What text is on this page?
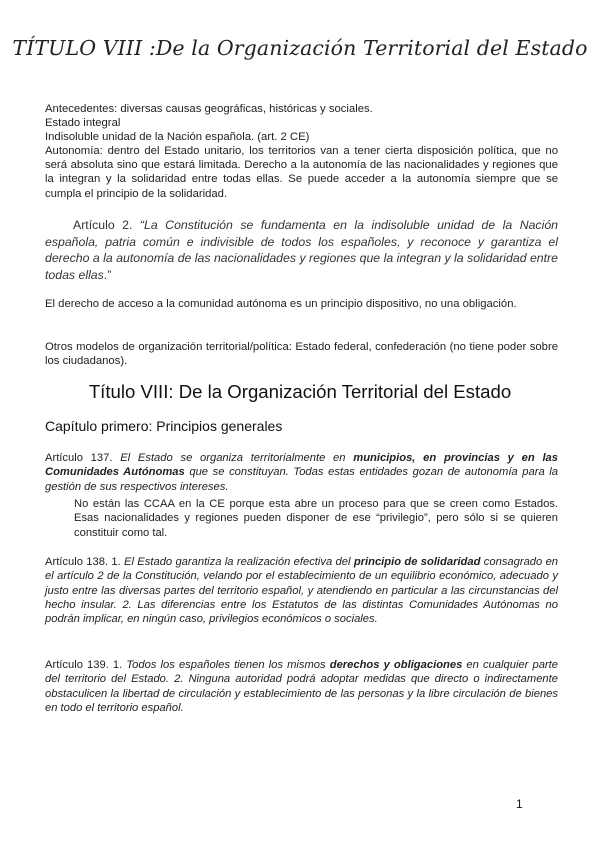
TÍTULO VIII :De la Organización Territorial del Estado
Antecedentes: diversas causas geográficas, históricas y sociales.
Estado integral
Indisoluble unidad de la Nación española. (art. 2 CE)
Autonomía: dentro del Estado unitario, los territorios van a tener cierta disposición política, que no será absoluta sino que estará limitada. Derecho a la autonomía de las nacionalidades y regiones que la integran y la solidaridad entre todas ellas. Se puede acceder a la autonomía siempre que se cumpla el principio de la solidaridad.
Artículo 2. “La Constitución se fundamenta en la indisoluble unidad de la Nación española, patria común e indivisible de todos los españoles, y reconoce y garantiza el derecho a la autonomía de las nacionalidades y regiones que la integran y la solidaridad entre todas ellas.”
El derecho de acceso a la comunidad autónoma es un principio dispositivo, no una obligación.
Otros modelos de organización territorial/política: Estado federal, confederación (no tiene poder sobre los ciudadanos).
Título VIII: De la Organización Territorial del Estado
Capítulo primero: Principios generales
Artículo 137. El Estado se organiza territorialmente en municipios, en provincias y en las Comunidades Autónomas que se constituyan. Todas estas entidades gozan de autonomía para la gestión de sus respectivos intereses.
No están las CCAA en la CE porque esta abre un proceso para que se creen como Estados. Esas nacionalidades y regiones pueden disponer de ese “privilegio”, pero sólo si se quieren constituir como tal.
Artículo 138. 1. El Estado garantiza la realización efectiva del principio de solidaridad consagrado en el artículo 2 de la Constitución, velando por el establecimiento de un equilibrio económico, adecuado y justo entre las diversas partes del territorio español, y atendiendo en particular a las circunstancias del hecho insular. 2. Las diferencias entre los Estatutos de las distintas Comunidades Autónomas no podrán implicar, en ningún caso, privilegios económicos o sociales.
Artículo 139. 1. Todos los españoles tienen los mismos derechos y obligaciones en cualquier parte del territorio del Estado. 2. Ninguna autoridad podrá adoptar medidas que directo o indirectamente obstaculicen la libertad de circulación y establecimiento de las personas y la libre circulación de bienes en todo el territorio español.
1
